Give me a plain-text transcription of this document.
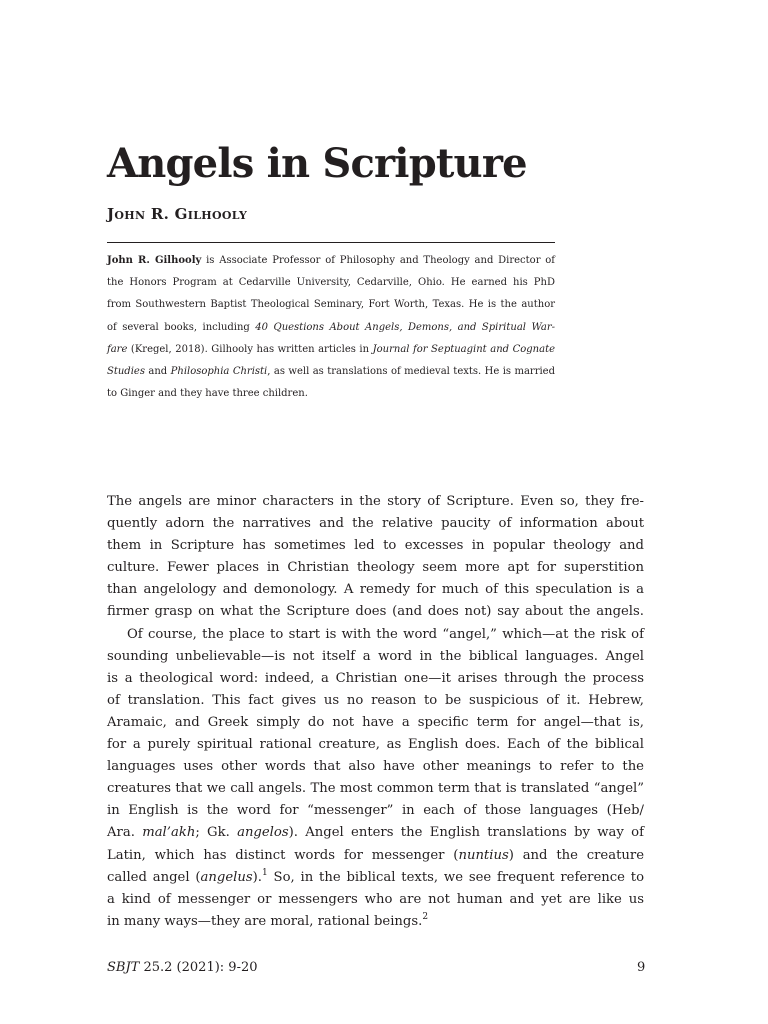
Angels in Scripture

John R. Gilhooly

John R. Gilhooly is Associate Professor of Philosophy and Theology and Director of
the Honors Program at Cedarville University, Cedarville, Ohio. He earned his PhD
from Southwestern Baptist Theological Seminary, Fort Worth, Texas. He is the author
of several books, including 40 Questions About Angels, Demons, and Spiritual War-
fare (Kregel, 2018). Gilhooly has written articles in Journal for Septuagint and Cognate
Studies and Philosophia Christi, as well as translations of medieval texts. He is married
to Ginger and they have three children.
The angels are minor characters in the story of Scripture. Even so, they fre-
quently adorn the narratives and the relative paucity of information about
them in Scripture has sometimes led to excesses in popular theology and
culture. Fewer places in Christian theology seem more apt for superstition
than angelology and demonology. A remedy for much of this speculation is a
firmer grasp on what the Scripture does (and does not) say about the angels.
Of course, the place to start is with the word “angel,” which—at the risk of
sounding unbelievable—is not itself a word in the biblical languages. Angel
is a theological word: indeed, a Christian one—it arises through the process
of translation. This fact gives us no reason to be suspicious of it. Hebrew,
Aramaic, and Greek simply do not have a specific term for angel—that is,
for a purely spiritual rational creature, as English does. Each of the biblical
languages uses other words that also have other meanings to refer to the
creatures that we call angels. The most common term that is translated “angel”
in English is the word for “messenger” in each of those languages (Heb/
Ara. mal’akh; Gk. angelos). Angel enters the English translations by way of
Latin, which has distinct words for messenger (nuntius) and the creature
called angel (angelus).$^1$ So, in the biblical texts, we see frequent reference to
a kind of messenger or messengers who are not human and yet are like us
in many ways—they are moral, rational beings.$^2$
SBJT 25.2 (2021): 9-20	9
